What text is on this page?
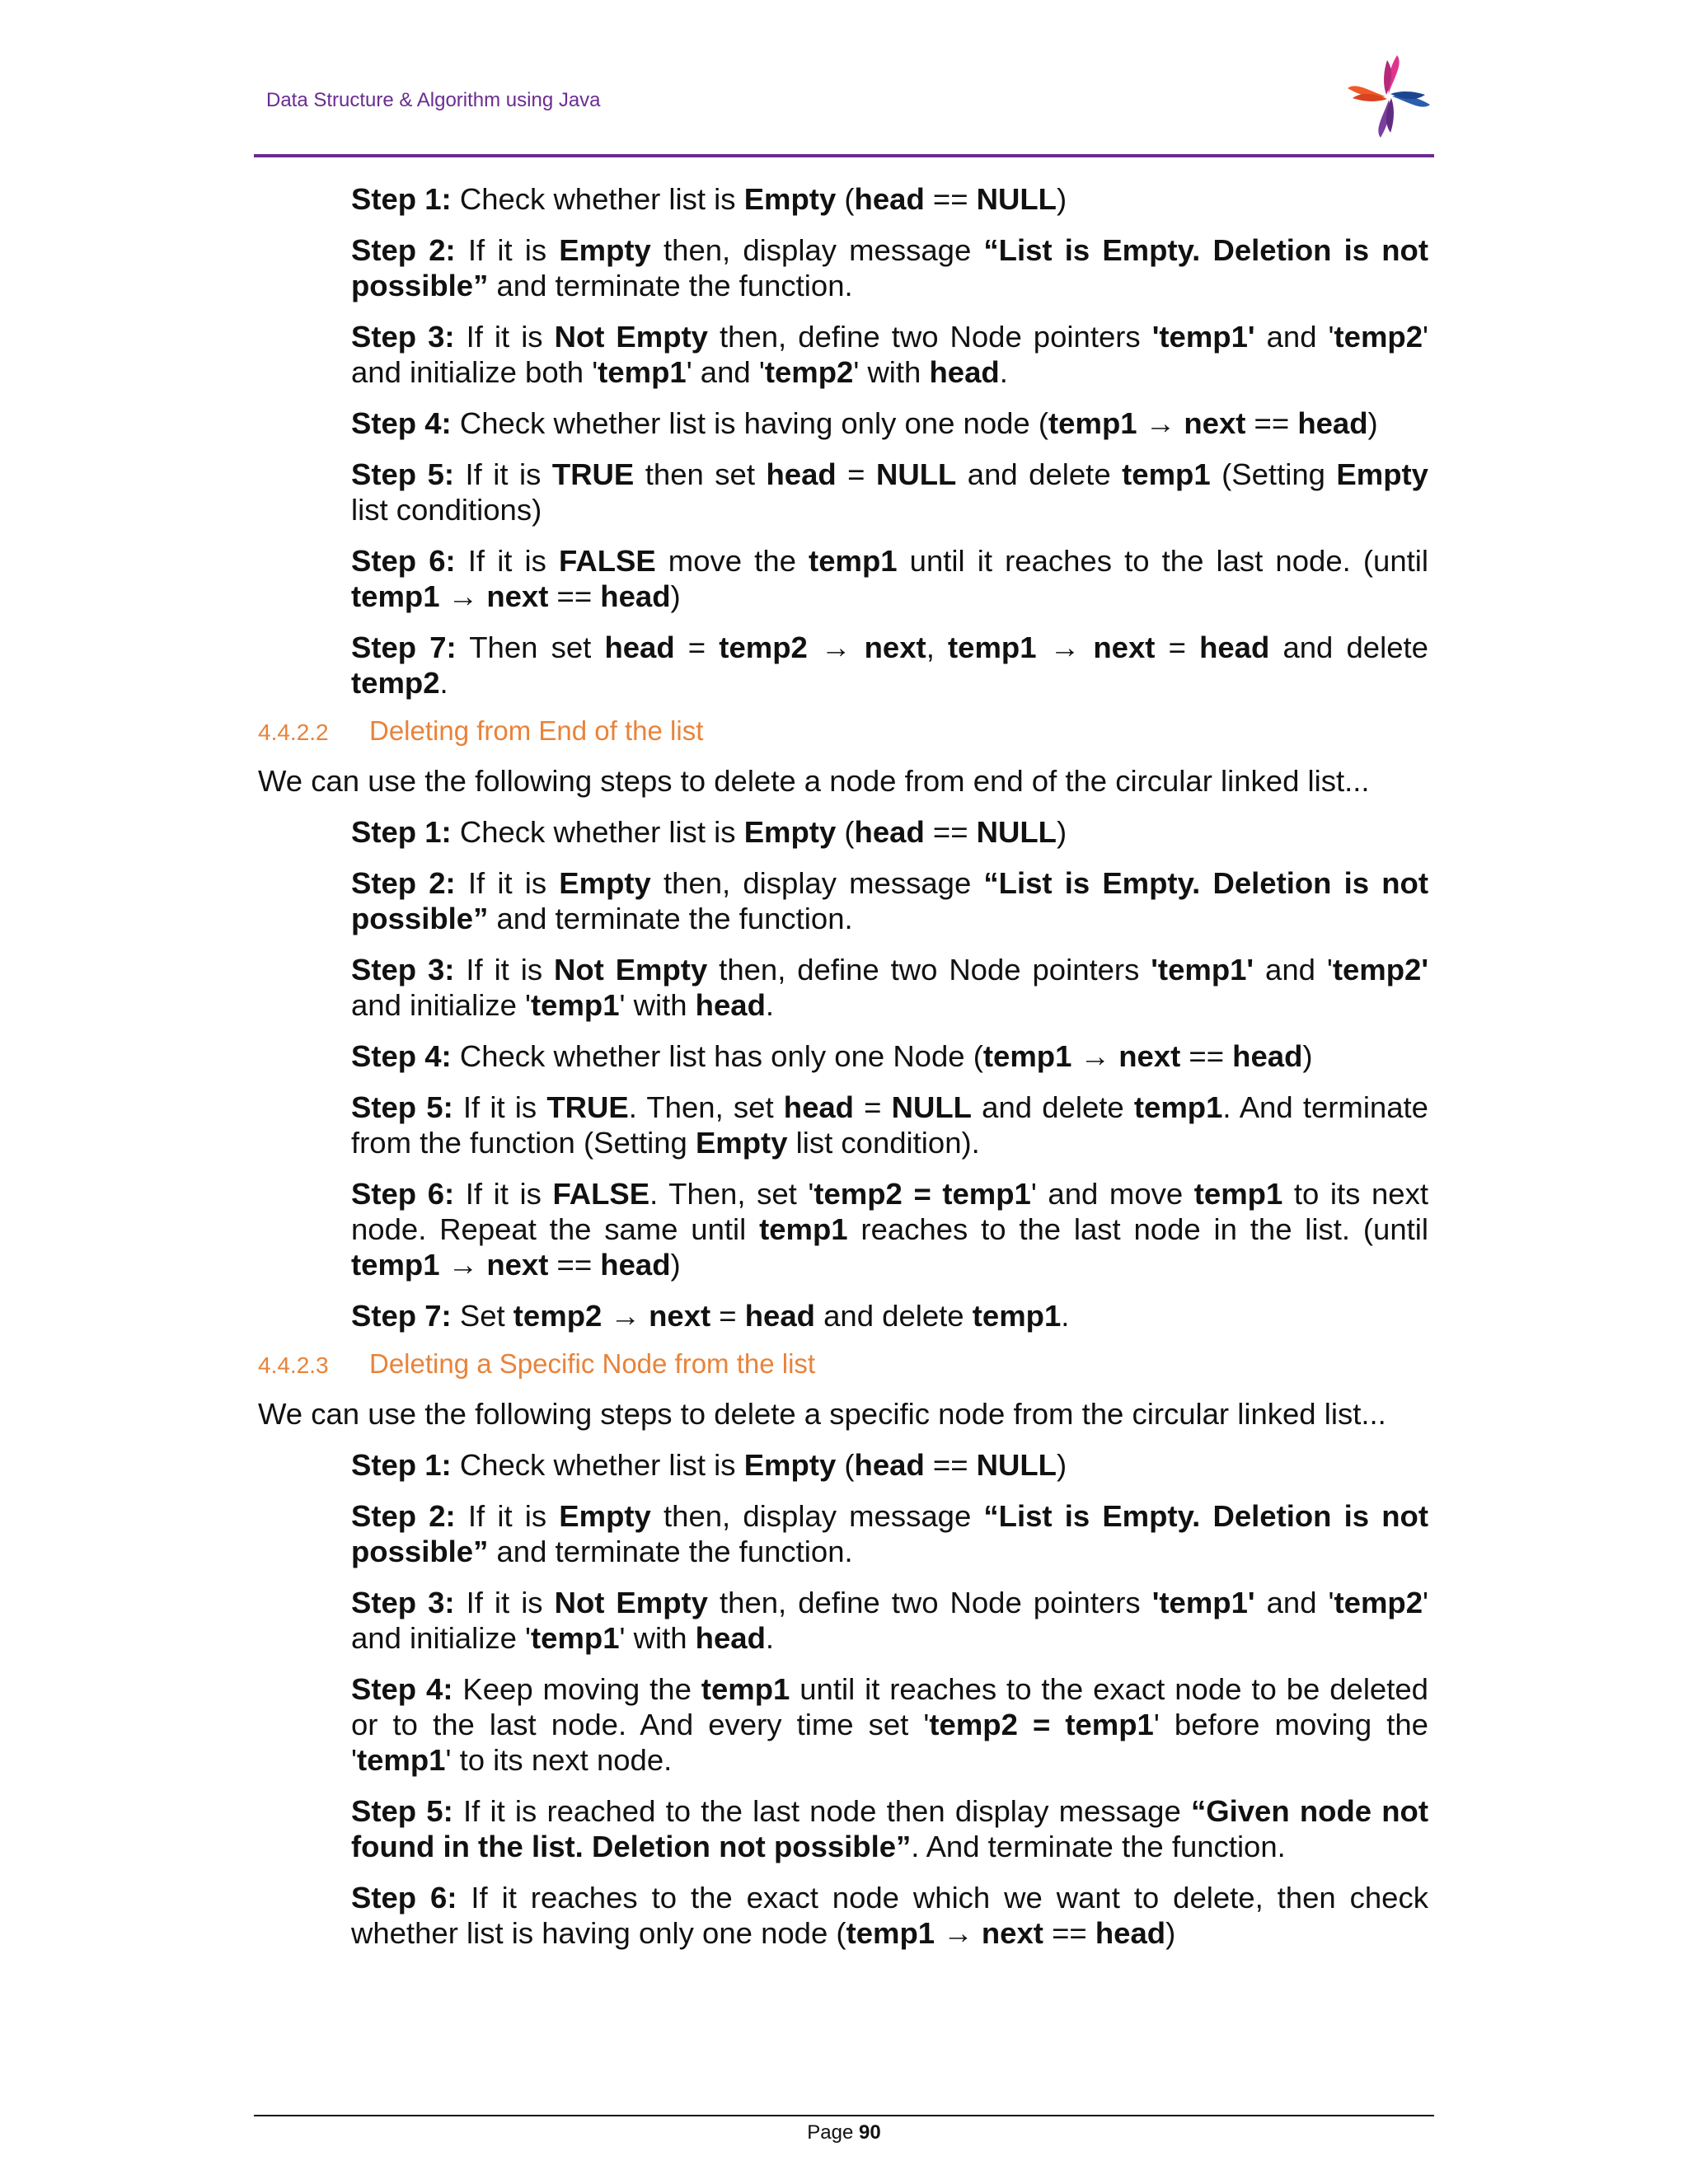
Data Structure & Algorithm using Java
Step 1: Check whether list is Empty (head == NULL)
Step 2: If it is Empty then, display message “List is Empty. Deletion is not possible” and terminate the function.
Step 3: If it is Not Empty then, define two Node pointers 'temp1' and 'temp2' and initialize both 'temp1' and 'temp2' with head.
Step 4: Check whether list is having only one node (temp1 → next == head)
Step 5: If it is TRUE then set head = NULL and delete temp1 (Setting Empty list conditions)
Step 6: If it is FALSE move the temp1 until it reaches to the last node. (until temp1 → next == head)
Step 7: Then set head = temp2 → next, temp1 → next = head and delete temp2.
4.4.2.2 Deleting from End of the list
We can use the following steps to delete a node from end of the circular linked list...
Step 1: Check whether list is Empty (head == NULL)
Step 2: If it is Empty then, display message “List is Empty. Deletion is not possible” and terminate the function.
Step 3: If it is Not Empty then, define two Node pointers 'temp1' and 'temp2' and initialize 'temp1' with head.
Step 4: Check whether list has only one Node (temp1 → next == head)
Step 5: If it is TRUE. Then, set head = NULL and delete temp1. And terminate from the function (Setting Empty list condition).
Step 6: If it is FALSE. Then, set 'temp2 = temp1' and move temp1 to its next node. Repeat the same until temp1 reaches to the last node in the list. (until temp1 → next == head)
Step 7: Set temp2 → next = head and delete temp1.
4.4.2.3 Deleting a Specific Node from the list
We can use the following steps to delete a specific node from the circular linked list...
Step 1: Check whether list is Empty (head == NULL)
Step 2: If it is Empty then, display message “List is Empty. Deletion is not possible” and terminate the function.
Step 3: If it is Not Empty then, define two Node pointers 'temp1' and 'temp2' and initialize 'temp1' with head.
Step 4: Keep moving the temp1 until it reaches to the exact node to be deleted or to the last node. And every time set 'temp2 = temp1' before moving the 'temp1' to its next node.
Step 5: If it is reached to the last node then display message “Given node not found in the list. Deletion not possible”. And terminate the function.
Step 6: If it reaches to the exact node which we want to delete, then check whether list is having only one node (temp1 → next == head)
Page 90
